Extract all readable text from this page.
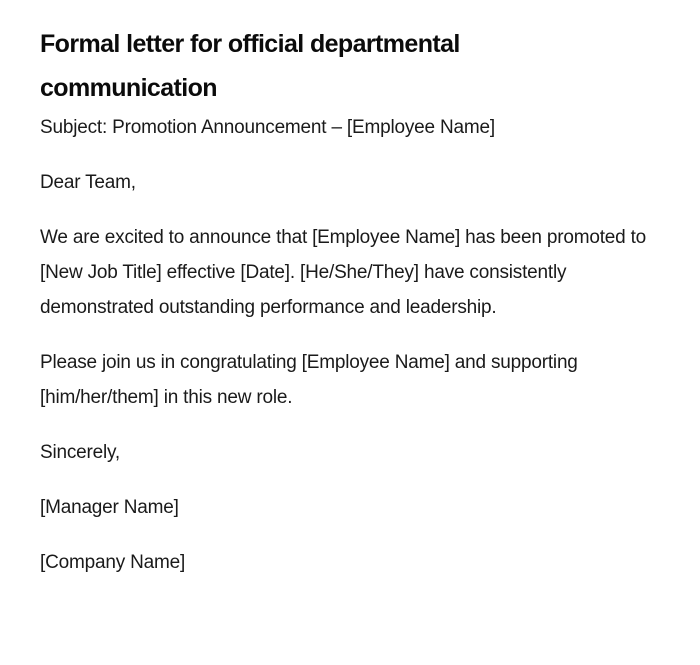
Formal letter for official departmental communication

Subject: Promotion Announcement – [Employee Name]

Dear Team,

We are excited to announce that [Employee Name] has been promoted to [New Job Title] effective [Date]. [He/She/They] have consistently demonstrated outstanding performance and leadership.

Please join us in congratulating [Employee Name] and supporting [him/her/them] in this new role.

Sincerely,

[Manager Name]

[Company Name]
